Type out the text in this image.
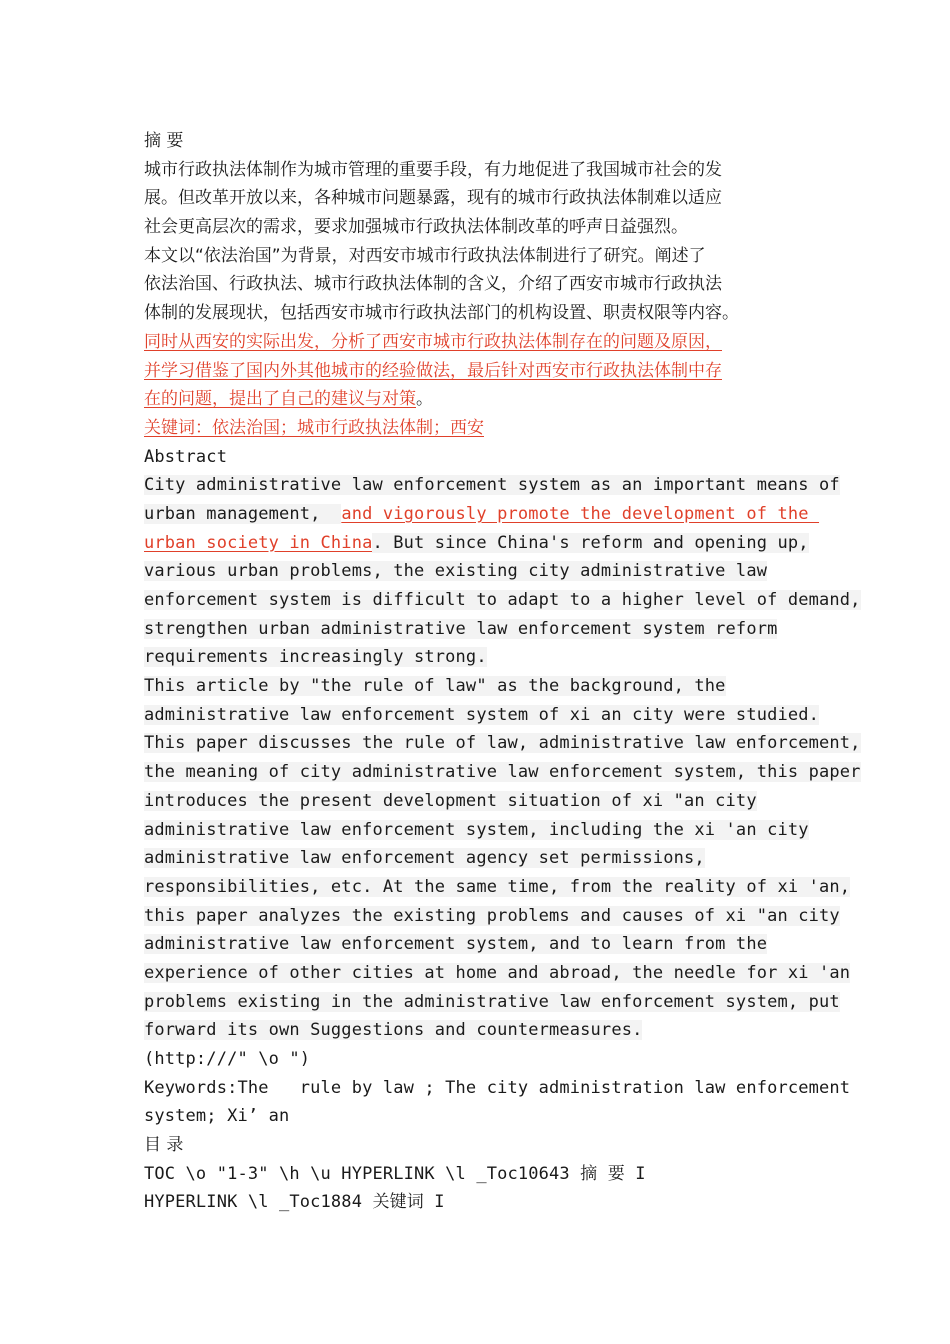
摘 要
城市行政执法体制作为城市管理的重要手段，有力地促进了我国城市社会的发
展。但改革开放以来，各种城市问题暴露，现有的城市行政执法体制难以适应
社会更高层次的需求，要求加强城市行政执法体制改革的呼声日益强烈。
本文以“依法治国”为背景，对西安市城市行政执法体制进行了研究。阐述了
依法治国、行政执法、城市行政执法体制的含义，介绍了西安市城市行政执法
体制的发展现状，包括西安市城市行政执法部门的机构设置、职责权限等内容。
同时从西安的实际出发，分析了西安市城市行政执法体制存在的问题及原因，
并学习借鉴了国内外其他城市的经验做法，最后针对西安市行政执法体制中存
在的问题，提出了自己的建议与对策。
关键词：依法治国；城市行政执法体制；西安
Abstract
City administrative law enforcement system as an important means of
urban management,  and vigorously promote the development of the
urban society in China. But since China's reform and opening up,
various urban problems, the existing city administrative law
enforcement system is difficult to adapt to a higher level of demand,
strengthen urban administrative law enforcement system reform
requirements increasingly strong.
This article by "the rule of law" as the background, the
administrative law enforcement system of xi an city were studied.
This paper discusses the rule of law, administrative law enforcement,
the meaning of city administrative law enforcement system, this paper
introduces the present development situation of xi "an city
administrative law enforcement system, including the xi 'an city
administrative law enforcement agency set permissions,
responsibilities, etc. At the same time, from the reality of xi 'an,
this paper analyzes the existing problems and causes of xi "an city
administrative law enforcement system, and to learn from the
experience of other cities at home and abroad, the needle for xi 'an
problems existing in the administrative law enforcement system, put
forward its own Suggestions and countermeasures.
(http:///" \o ")
Keywords:The   rule by law ; The city administration law enforcement
system; Xi’ an
目 录
TOC \o "1-3" \h \u HYPERLINK \l _Toc10643 摘 要 I
HYPERLINK \l _Toc1884 关键词 I
